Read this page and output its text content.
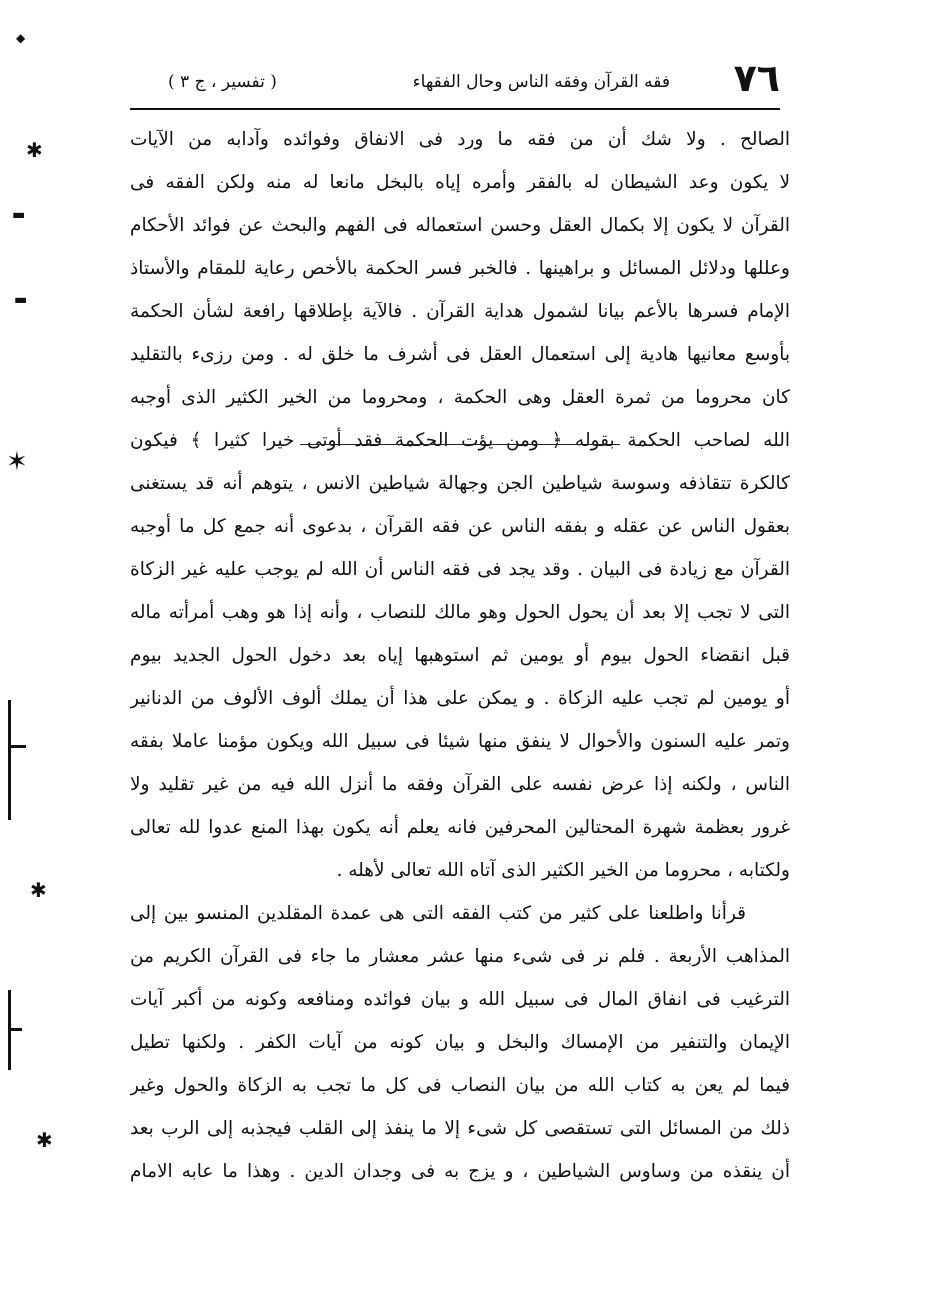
٧٦
فقه القرآن وفقه الناس وحال الفقهاء
( تفسير ، ج ٣ )
الصالح . ولا شك أن من فقه ما ورد فى الانفاق وفوائده وآدابه من الآيات
لا يكون وعد الشيطان له بالفقر وأمره إياه بالبخل مانعا له منه ولكن الفقه فى
القرآن لا يكون إلا بكمال العقل وحسن استعماله فى الفهم والبحث عن فوائد الأحكام
وعللها ودلائل المسائل و براهينها . فالخبر فسر الحكمة بالأخص رعاية للمقام والأستاذ
الإمام فسرها بالأعم بيانا لشمول هداية القرآن . فالآية بإطلاقها رافعة لشأن الحكمة
بأوسع معانيها هادية إلى استعمال العقل فى أشرف ما خلق له . ومن رزىء بالتقليد
كان محروما من ثمرة العقل وهى الحكمة ، ومحروما من الخير الكثير الذى أوجبه
الله لصاحب الحكمة بقوله ﴿ ومن يؤت الحكمة فقد أوتى خيرا كثيرا ﴾ فيكون
كالكرة تتقاذفه وسوسة شياطين الجن وجهالة شياطين الانس ، يتوهم أنه قد يستغنى
بعقول الناس عن عقله و بفقه الناس عن فقه القرآن ، بدعوى أنه جمع كل ما أوجبه
القرآن مع زيادة فى البيان . وقد يجد فى فقه الناس أن الله لم يوجب عليه غير الزكاة
التى لا تجب إلا بعد أن يحول الحول وهو مالك للنصاب ، وأنه إذا هو وهب أمرأته ماله
قبل انقضاء الحول بيوم أو يومين ثم استوهبها إياه بعد دخول الحول الجديد بيوم
أو يومين لم تجب عليه الزكاة . و يمكن على هذا أن يملك ألوف الألوف من الدنانير
وتمر عليه السنون والأحوال لا ينفق منها شيئا فى سبيل الله ويكون مؤمنا عاملا بفقه
الناس ، ولكنه إذا عرض نفسه على القرآن وفقه ما أنزل الله فيه من غير تقليد ولا
غرور بعظمة شهرة المحتالين المحرفين فانه يعلم أنه يكون بهذا المنع عدوا لله تعالى
ولكتابه ، محروما من الخير الكثير الذى آتاه الله تعالى لأهله .
قرأنا واطلعنا على كثير من كتب الفقه التى هى عمدة المقلدين المنسو بين إلى
المذاهب الأربعة . فلم نر فى شىء منها عشر معشار ما جاء فى القرآن الكريم من
الترغيب فى انفاق المال فى سبيل الله و بيان فوائده ومنافعه وكونه من أكبر آيات
الإيمان والتنفير من الإمساك والبخل و بيان كونه من آيات الكفر . ولكنها تطيل
فيما لم يعن به كتاب الله من بيان النصاب فى كل ما تجب به الزكاة والحول وغير
ذلك من المسائل التى تستقصى كل شىء إلا ما ينفذ إلى القلب فيجذبه إلى الرب بعد
أن ينقذه من وساوس الشياطين ، و يزج به فى وجدان الدين . وهذا ما عابه الامام
◆
✱
▬
▬
✶
✱
✱
